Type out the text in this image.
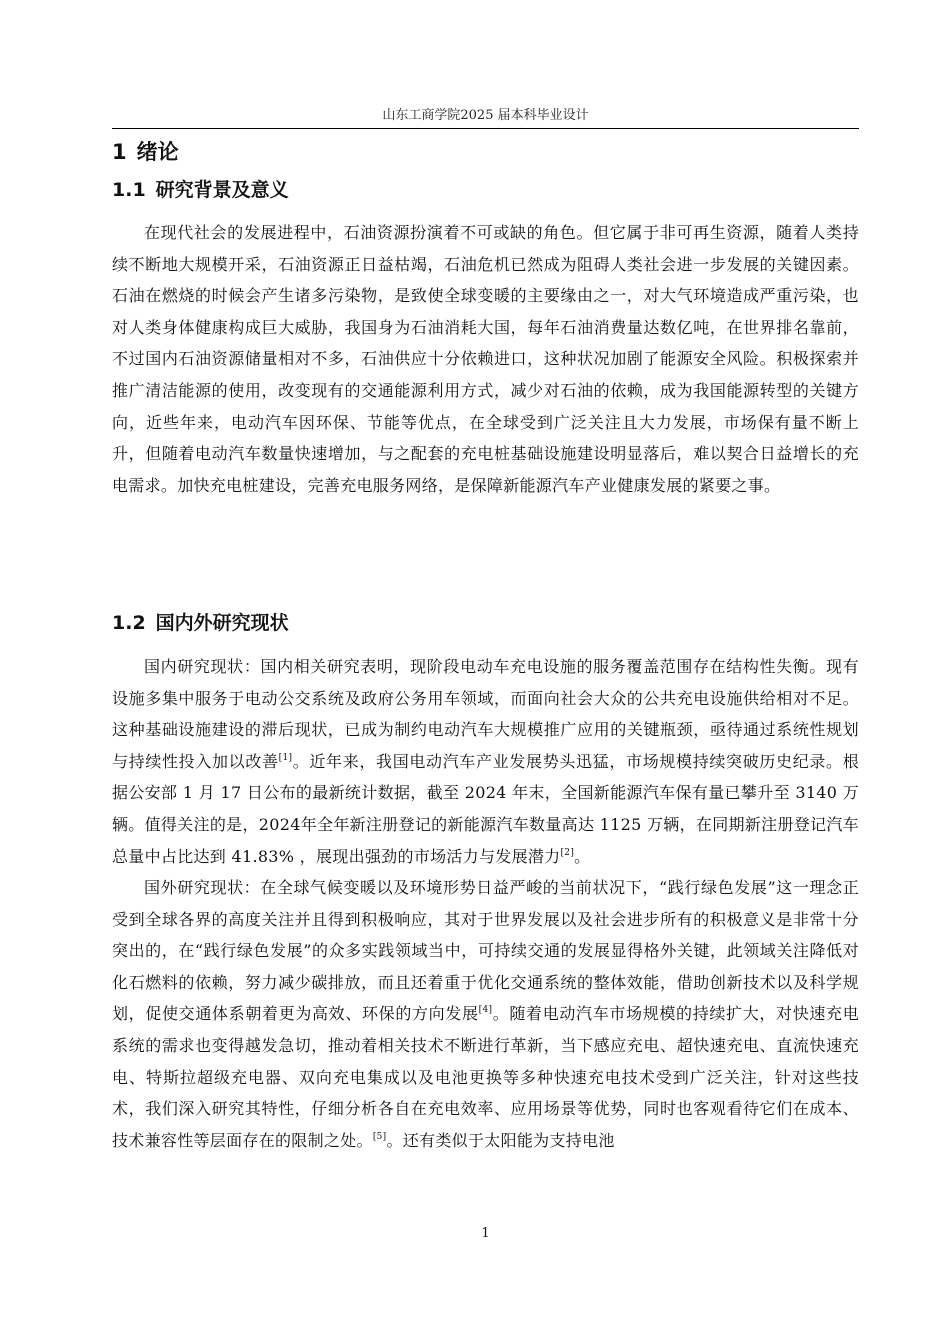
山东工商学院2025 届本科毕业设计
1 绪论
1.1 研究背景及意义

在现代社会的发展进程中，石油资源扮演着不可或缺的角色。但它属于非可再生资源，随着人类持续不断地大规模开采，石油资源正日益枯竭，石油危机已然成为阻碍人类社会进一步发展的关键因素。石油在燃烧的时候会产生诸多污染物，是致使全球变暖的主要缘由之一，对大气环境造成严重污染，也对人类身体健康构成巨大威胁，我国身为石油消耗大国，每年石油消费量达数亿吨，在世界排名靠前，不过国内石油资源储量相对不多，石油供应十分依赖进口，这种状况加剧了能源安全风险。积极探索并推广清洁能源的使用，改变现有的交通能源利用方式，减少对石油的依赖，成为我国能源转型的关键方向，近些年来，电动汽车因环保、节能等优点，在全球受到广泛关注且大力发展，市场保有量不断上升，但随着电动汽车数量快速增加，与之配套的充电桩基础设施建设明显落后，难以契合日益增长的充电需求。加快充电桩建设，完善充电服务网络，是保障新能源汽车产业健康发展的紧要之事。

1.2 国内外研究现状

国内研究现状：国内相关研究表明，现阶段电动车充电设施的服务覆盖范围存在结构性失衡。现有设施多集中服务于电动公交系统及政府公务用车领域，而面向社会大众的公共充电设施供给相对不足。这种基础设施建设的滞后现状，已成为制约电动汽车大规模推广应用的关键瓶颈，亟待通过系统性规划与持续性投入加以改善[1]。近年来，我国电动汽车产业发展势头迅猛，市场规模持续突破历史纪录。根据公安部 1 月 17 日公布的最新统计数据，截至 2024 年末，全国新能源汽车保有量已攀升至 3140 万辆。值得关注的是，2024年全年新注册登记的新能源汽车数量高达 1125 万辆，在同期新注册登记汽车总量中占比达到 41.83% ，展现出强劲的市场活力与发展潜力[2]。

国外研究现状：在全球气候变暖以及环境形势日益严峻的当前状况下，“践行绿色发展”这一理念正受到全球各界的高度关注并且得到积极响应，其对于世界发展以及社会进步所有的积极意义是非常十分突出的，在“践行绿色发展”的众多实践领域当中，可持续交通的发展显得格外关键，此领域关注降低对化石燃料的依赖，努力减少碳排放，而且还着重于优化交通系统的整体效能，借助创新技术以及科学规划，促使交通体系朝着更为高效、环保的方向发展[4]。随着电动汽车市场规模的持续扩大，对快速充电系统的需求也变得越发急切，推动着相关技术不断进行革新，当下感应充电、超快速充电、直流快速充电、特斯拉超级充电器、双向充电集成以及电池更换等多种快速充电技术受到广泛关注，针对这些技术，我们深入研究其特性，仔细分析各自在充电效率、应用场景等优势，同时也客观看待它们在成本、技术兼容性等层面存在的限制之处。[5]。还有类似于太阳能为支持电池

1
